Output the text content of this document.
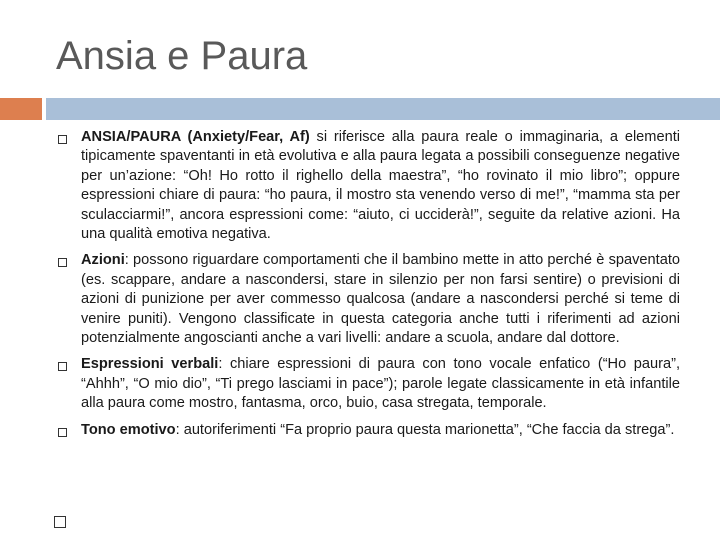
Ansia e Paura

ANSIA/PAURA (Anxiety/Fear, Af) si riferisce alla paura reale o immaginaria, a elementi tipicamente spaventanti in età evolutiva e alla paura legata a possibili conseguenze negative per un’azione: “Oh! Ho rotto il righello della maestra”, “ho rovinato il mio libro”; oppure espressioni chiare di paura: “ho paura, il mostro sta venendo verso di me!”, “mamma sta per sculacciarmi!”, ancora espressioni come: “aiuto, ci ucciderà!”, seguite da relative azioni. Ha una qualità emotiva negativa.

Azioni: possono riguardare comportamenti che il bambino mette in atto perché è spaventato (es. scappare, andare a nascondersi, stare in silenzio per non farsi sentire) o previsioni di azioni di punizione per aver commesso qualcosa (andare a nascondersi perché si teme di venire puniti). Vengono classificate in questa categoria anche tutti i riferimenti ad azioni potenzialmente angoscianti anche a vari livelli: andare a scuola, andare dal dottore.

Espressioni verbali: chiare espressioni di paura con tono vocale enfatico (“Ho paura”, “Ahhh”, “O mio dio”, “Ti prego lasciami in pace”); parole legate classicamente in età infantile alla paura come mostro, fantasma, orco, buio, casa stregata, temporale.

Tono emotivo: autoriferimenti “Fa proprio paura questa marionetta”, “Che faccia da strega”.
